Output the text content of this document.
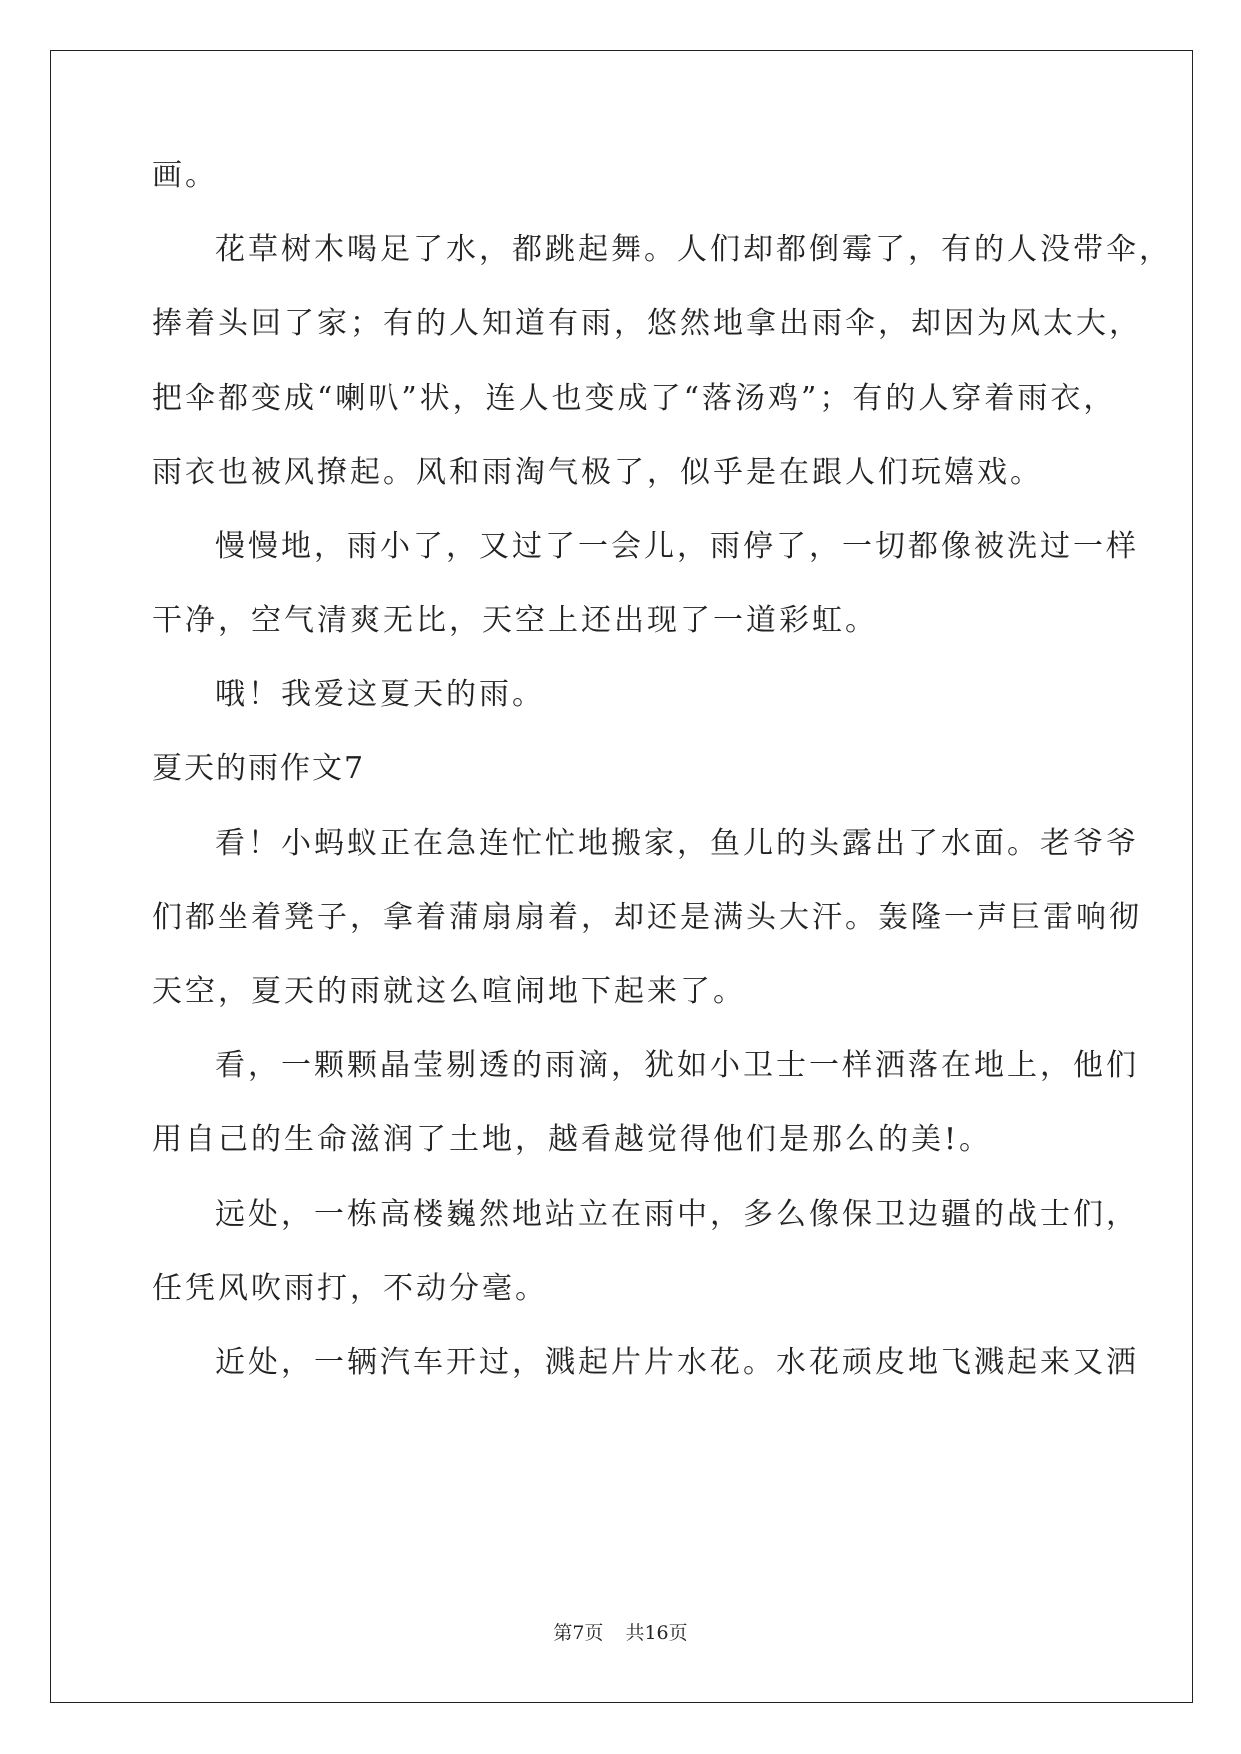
画。

花草树木喝足了水，都跳起舞。人们却都倒霉了，有的人没带伞，

捧着头回了家；有的人知道有雨，悠然地拿出雨伞，却因为风太大，

把伞都变成“喇叭”状，连人也变成了“落汤鸡”；有的人穿着雨衣，

雨衣也被风撩起。风和雨淘气极了，似乎是在跟人们玩嬉戏。

慢慢地，雨小了，又过了一会儿，雨停了，一切都像被洗过一样

干净，空气清爽无比，天空上还出现了一道彩虹。

哦！我爱这夏天的雨。

夏天的雨作文7

看！小蚂蚁正在急连忙忙地搬家，鱼儿的头露出了水面。老爷爷

们都坐着凳子，拿着蒲扇扇着，却还是满头大汗。轰隆一声巨雷响彻

天空，夏天的雨就这么喧闹地下起来了。

看，一颗颗晶莹剔透的雨滴，犹如小卫士一样洒落在地上，他们

用自己的生命滋润了土地，越看越觉得他们是那么的美!。

远处，一栋高楼巍然地站立在雨中，多么像保卫边疆的战士们，

任凭风吹雨打，不动分毫。

近处，一辆汽车开过，溅起片片水花。水花顽皮地飞溅起来又洒

第7页 共16页
